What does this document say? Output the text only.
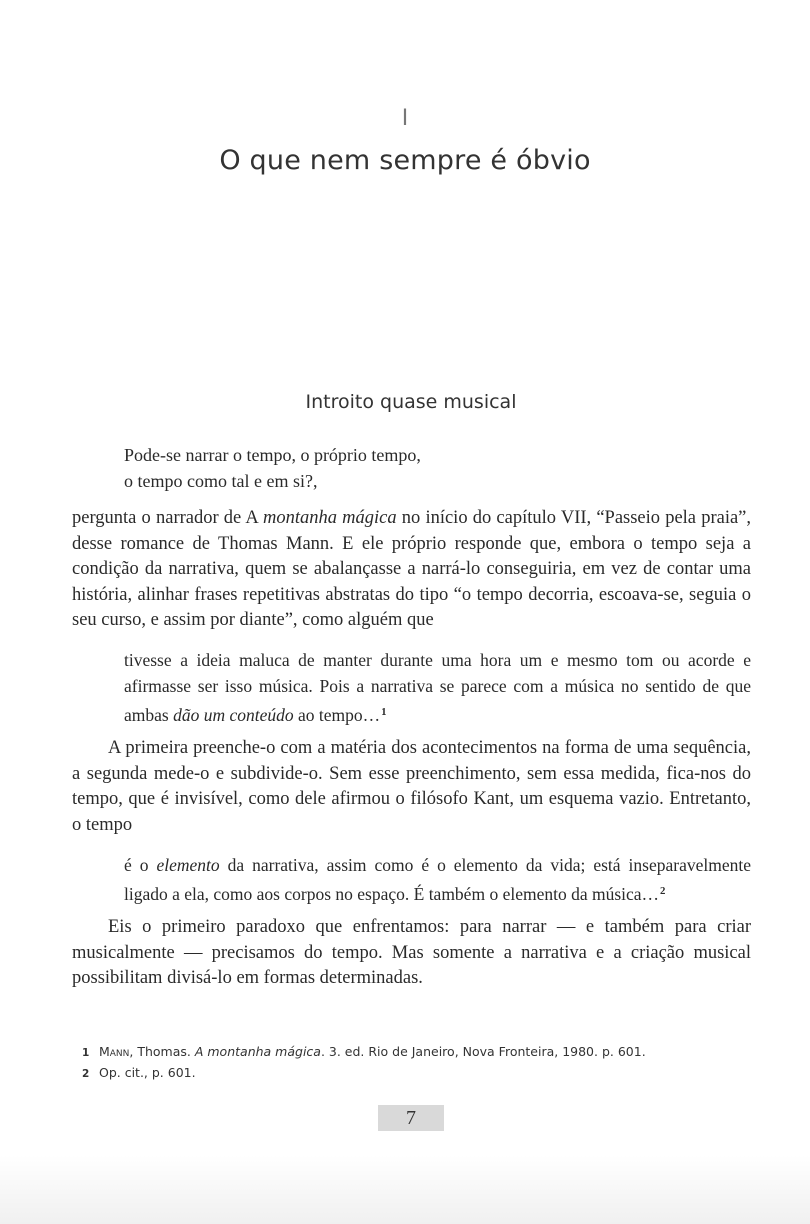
I
O que nem sempre é óbvio
Introito quase musical
Pode-se narrar o tempo, o próprio tempo,
o tempo como tal e em si?,
pergunta o narrador de A montanha mágica no início do capítulo VII, “Passeio pela praia”, desse romance de Thomas Mann. E ele próprio responde que, embora o tempo seja a condição da narrativa, quem se abalançasse a narrá-lo conseguiria, em vez de contar uma história, alinhar frases repetitivas abstratas do tipo “o tempo decorria, escoava-se, seguia o seu curso, e assim por diante”, como alguém que
tivesse a ideia maluca de manter durante uma hora um e mesmo tom ou acorde e afirmasse ser isso música. Pois a narrativa se parece com a música no sentido de que ambas dão um conteúdo ao tempo…$^1$
A primeira preenche-o com a matéria dos acontecimentos na forma de uma sequência, a segunda mede-o e subdivide-o. Sem esse preenchimento, sem essa medida, fica-nos do tempo, que é invisível, como dele afirmou o filósofo Kant, um esquema vazio. Entretanto, o tempo
é o elemento da narrativa, assim como é o elemento da vida; está inseparavelmente ligado a ela, como aos corpos no espaço. É também o elemento da música…$^2$
Eis o primeiro paradoxo que enfrentamos: para narrar — e também para criar musicalmente — precisamos do tempo. Mas somente a narrativa e a criação musical possibilitam divisá-lo em formas determinadas.
1 Mann, Thomas. A montanha mágica. 3. ed. Rio de Janeiro, Nova Fronteira, 1980. p. 601.
2 Op. cit., p. 601.
7
